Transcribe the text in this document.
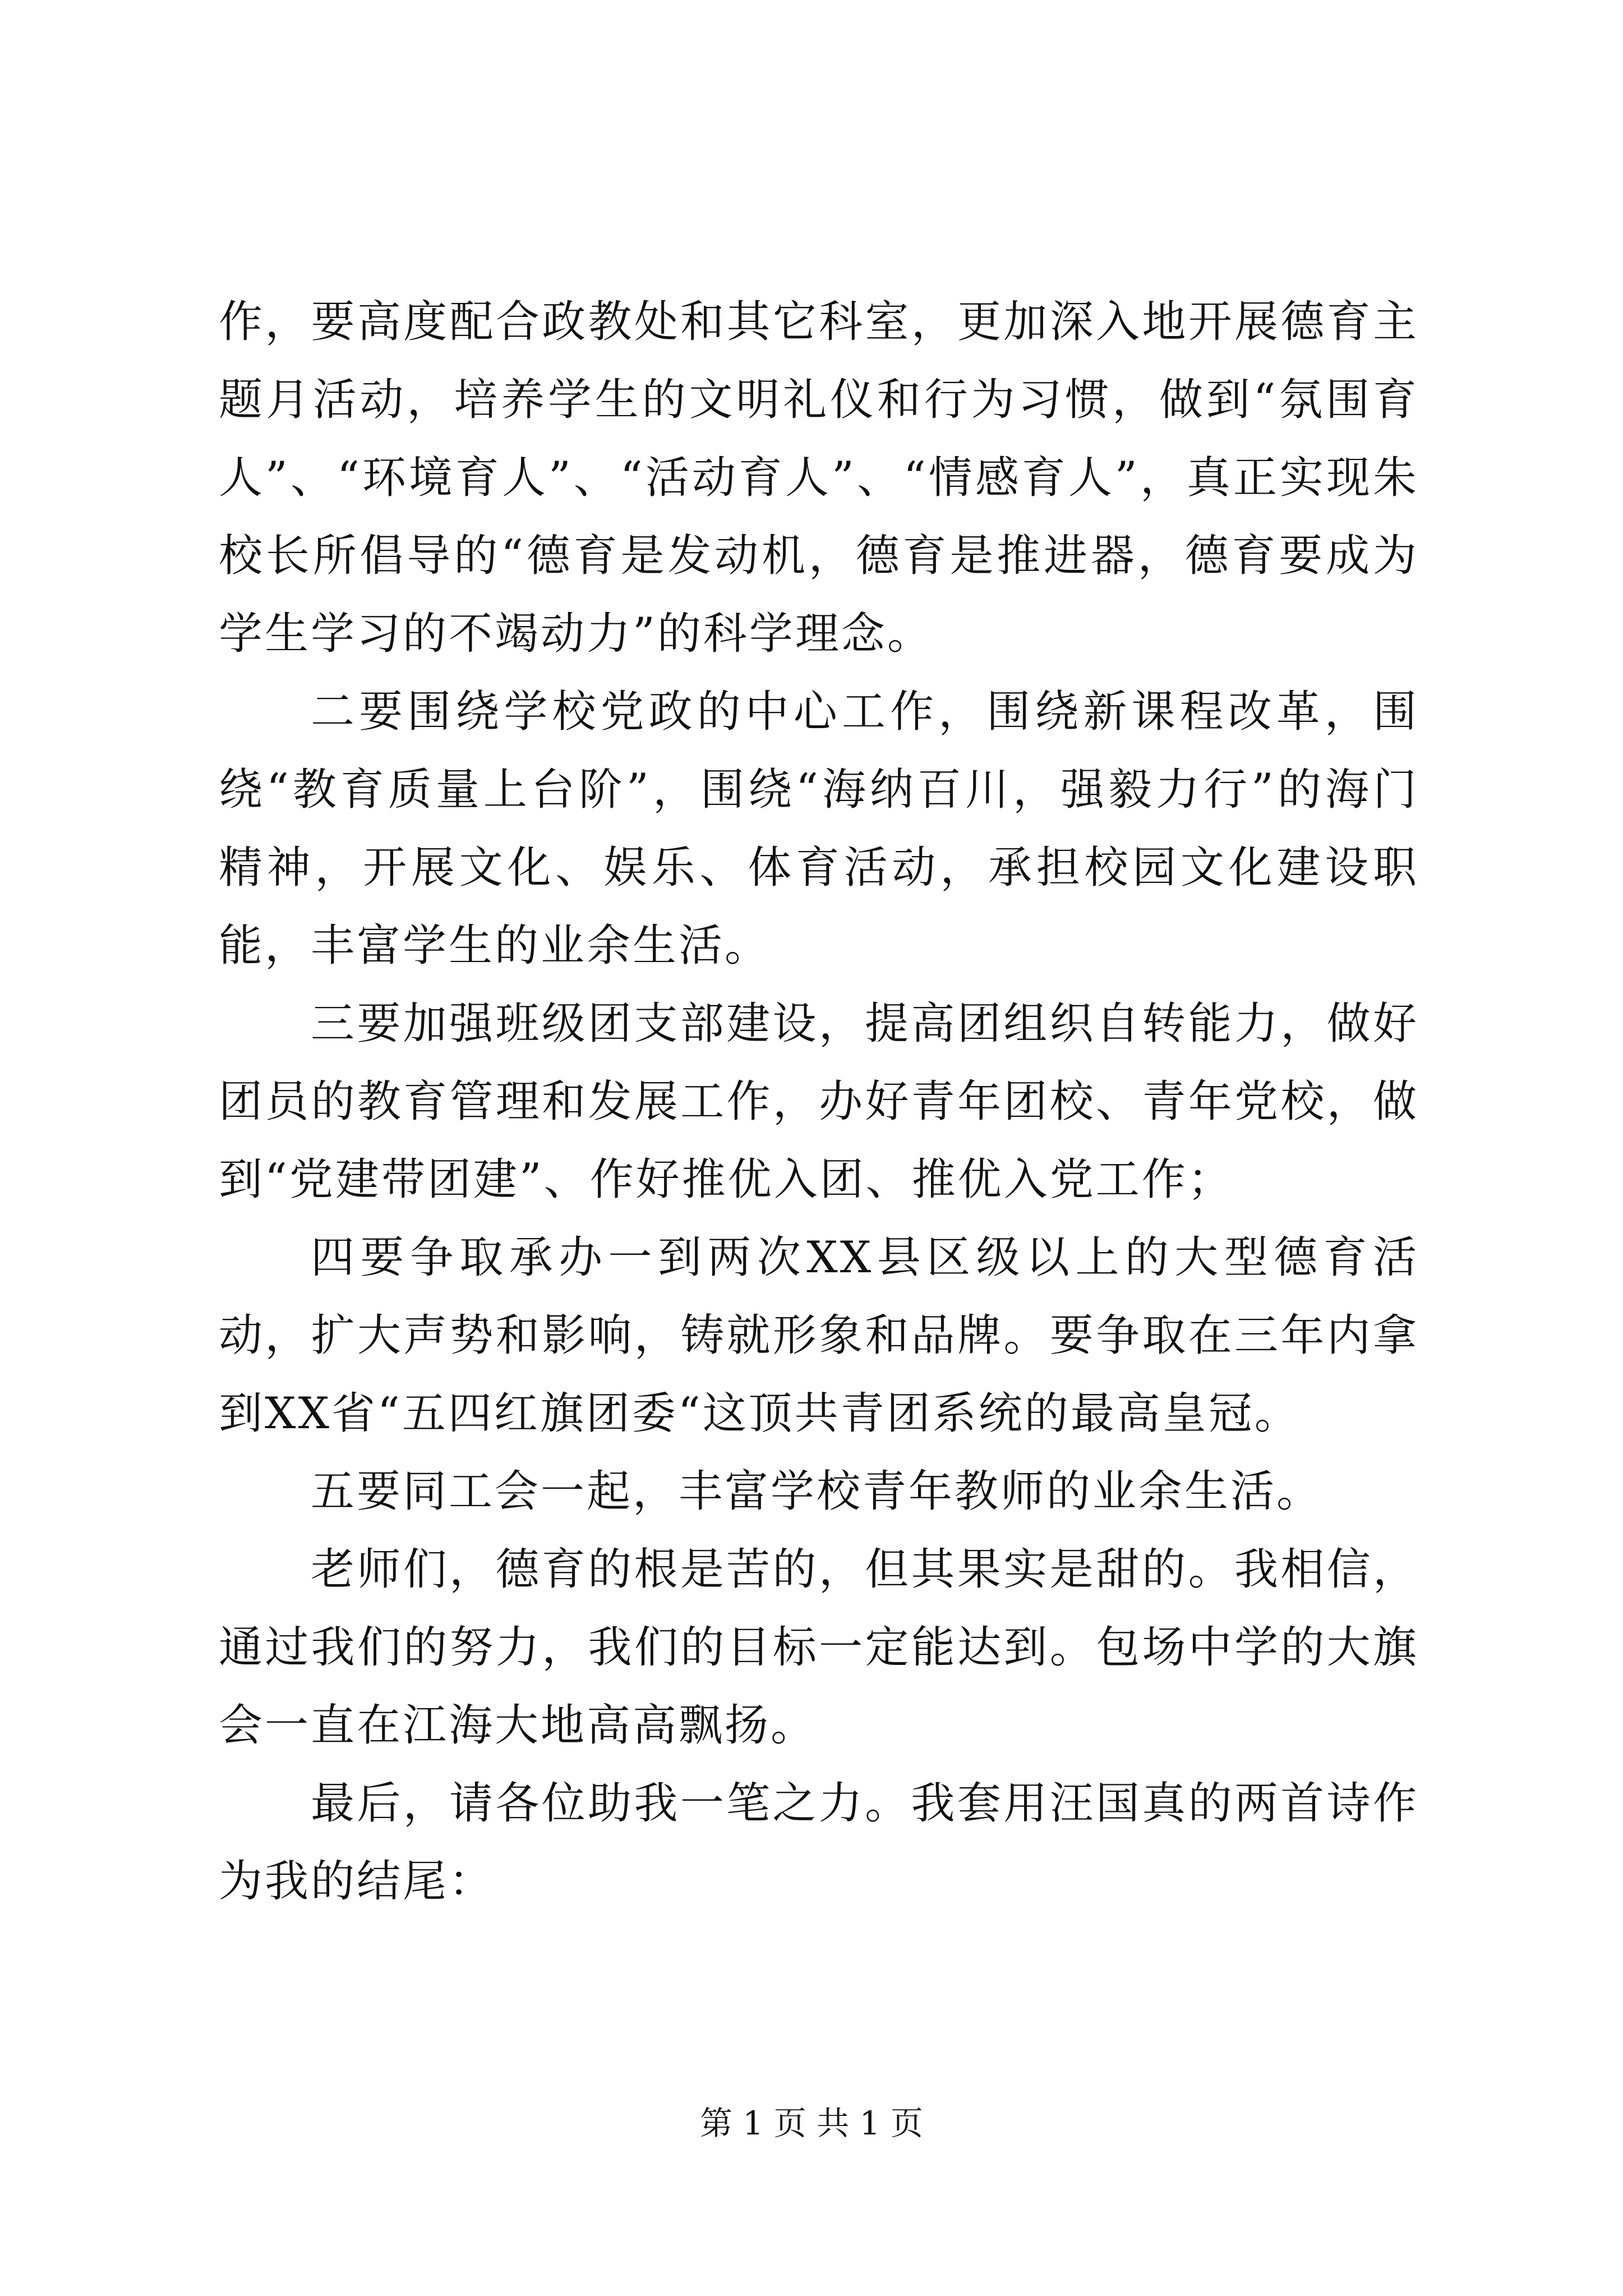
作，要高度配合政教处和其它科室，更加深入地开展德育主题月活动，培养学生的文明礼仪和行为习惯，做到“氛围育人”、“环境育人”、“活动育人”、“情感育人”，真正实现朱校长所倡导的“德育是发动机，德育是推进器，德育要成为学生学习的不竭动力”的科学理念。

二要围绕学校党政的中心工作，围绕新课程改革，围绕“教育质量上台阶”，围绕“海纳百川，强毅力行”的海门精神，开展文化、娱乐、体育活动，承担校园文化建设职能，丰富学生的业余生活。

三要加强班级团支部建设，提高团组织自转能力，做好团员的教育管理和发展工作，办好青年团校、青年党校，做到“党建带团建”、作好推优入团、推优入党工作；

四要争取承办一到两次XX县区级以上的大型德育活动，扩大声势和影响，铸就形象和品牌。要争取在三年内拿到XX省“五四红旗团委“这顶共青团系统的最高皇冠。

五要同工会一起，丰富学校青年教师的业余生活。

老师们，德育的根是苦的，但其果实是甜的。我相信，通过我们的努力，我们的目标一定能达到。包场中学的大旗会一直在江海大地高高飘扬。

最后，请各位助我一笔之力。我套用汪国真的两首诗作为我的结尾：

第 1 页 共 1 页
